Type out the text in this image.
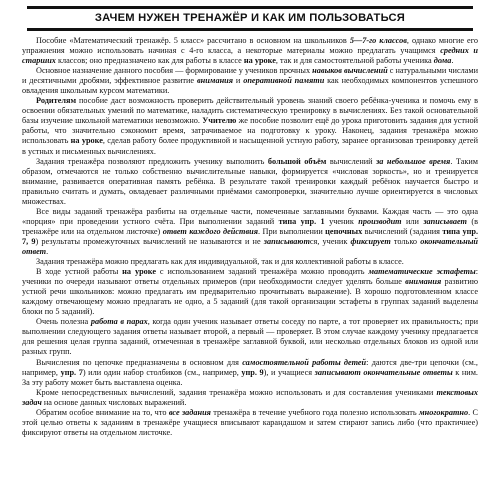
ЗАЧЕМ НУЖЕН ТРЕНАЖЁР И КАК ИМ ПОЛЬЗОВАТЬСЯ

Пособие «Математический тренажёр. 5 класс» рассчитано в основном на школьников 5—7-го классов, однако многие его упражнения можно использовать начиная с 4-го класса, а некоторые материалы можно предлагать учащимся средних и старших классов; оно предназначено как для работы в классе на уроке, так и для самостоятельной работы ученика дома.

Основное назначение данного пособия — формирование у учеников прочных навыков вычислений с натуральными числами и десятичными дробями, эффективное развитие внимания и оперативной памяти как необходимых компонентов успешного овладения школьным курсом математики.

Родителям пособие даст возможность проверить действительный уровень знаний своего ребёнка-ученика и помочь ему в освоении обязательных умений по математике, наладить систематическую тренировку в вычислениях. Без такой основательной базы изучение школьной математики невозможно. Учителю же пособие позволит ещё до урока приготовить задания для устной работы, что значительно сэкономит время, затрачиваемое на подготовку к уроку. Наконец, задания тренажёра можно использовать на уроке, сделав работу более продуктивной и насыщенной устную работу, заранее организовав тренировку детей в устных и письменных вычислениях.

Задания тренажёра позволяют предложить ученику выполнить большой объём вычислений за небольшое время. Таким образом, отмечаются не только собственно вычислительные навыки, формируется «числовая зоркость», но и тренируется внимание, развивается оперативная память ребёнка. В результате такой тренировки каждый ребёнок научается быстро и правильно считать и думать, овладевает различными приёмами самопроверки, значительно лучше ориентируется в числовых множествах.

Все виды заданий тренажёра разбиты на отдельные части, помеченные заглавными буквами. Каждая часть — это одна «порция» при проведении устного счёта. При выполнении заданий типа упр. 1 ученик производит или записывает (в тренажёре или на отдельном листочке) ответ каждого действия. При выполнении цепочных вычислений (задания типа упр. 7, 9) результаты промежуточных вычислений не называются и не записываются, ученик фиксирует только окончательный ответ.

Задания тренажёра можно предлагать как для индивидуальной, так и для коллективной работы в классе.

В ходе устной работы на уроке с использованием заданий тренажёра можно проводить математические эстафеты: ученики по очереди называют ответы отдельных примеров (при необходимости следует уделять больше внимания развитию устной речи школьников: можно предлагать им предварительно прочитывать выражение). В хорошо подготовленном классе каждому отвечающему можно предлагать не одно, а 5 заданий (для такой организации эстафеты в группах заданий выделены блоки по 5 заданий).

Очень полезна работа в парах, когда один ученик называет ответы соседу по парте, а тот проверяет их правильность; при выполнении следующего задания ответы называет второй, а первый — проверяет. В этом случае каждому ученику предлагается для решения целая группа заданий, отмеченная в тренажёре заглавной буквой, или несколько отдельных блоков из одной или разных групп.

Вычисления по цепочке предназначены в основном для самостоятельной работы детей: даются две-три цепочки (см., например, упр. 7) или один набор столбиков (см., например, упр. 9), и учащиеся записывают окончательные ответы к ним. За эту работу может быть выставлена оценка.

Кроме непосредственных вычислений, задания тренажёра можно использовать и для составления учениками текстовых задач на основе данных числовых выражений.

Обратим особое внимание на то, что все задания тренажёра в течение учебного года полезно использовать многократно. С этой целью ответы к заданиям в тренажёре учащиеся вписывают карандашом и затем стирают запись либо (что практичнее) фиксируют ответы на отдельном листочке.
